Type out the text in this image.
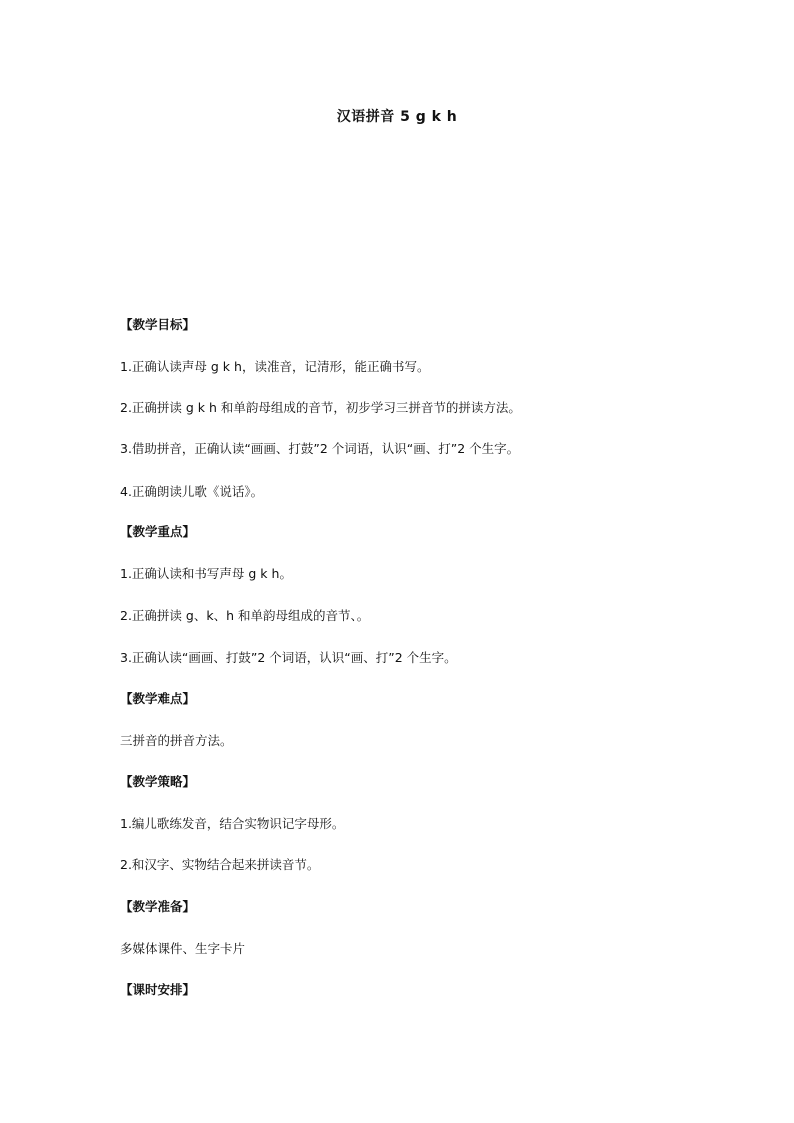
汉语拼音 5 g k h
【教学目标】
1.正确认读声母 g k h，读准音，记清形，能正确书写。
2.正确拼读 g k h 和单韵母组成的音节，初步学习三拼音节的拼读方法。
3.借助拼音，正确认读“画画、打鼓”2 个词语，认识“画、打”2 个生字。
4.正确朗读儿歌《说话》。
【教学重点】
1.正确认读和书写声母 g k h。
2.正确拼读 g、k、h 和单韵母组成的音节、。
3.正确认读“画画、打鼓”2 个词语，认识“画、打”2 个生字。
【教学难点】
三拼音的拼音方法。
【教学策略】
1.编儿歌练发音，结合实物识记字母形。
2.和汉字、实物结合起来拼读音节。
【教学准备】
多媒体课件、生字卡片
【课时安排】
